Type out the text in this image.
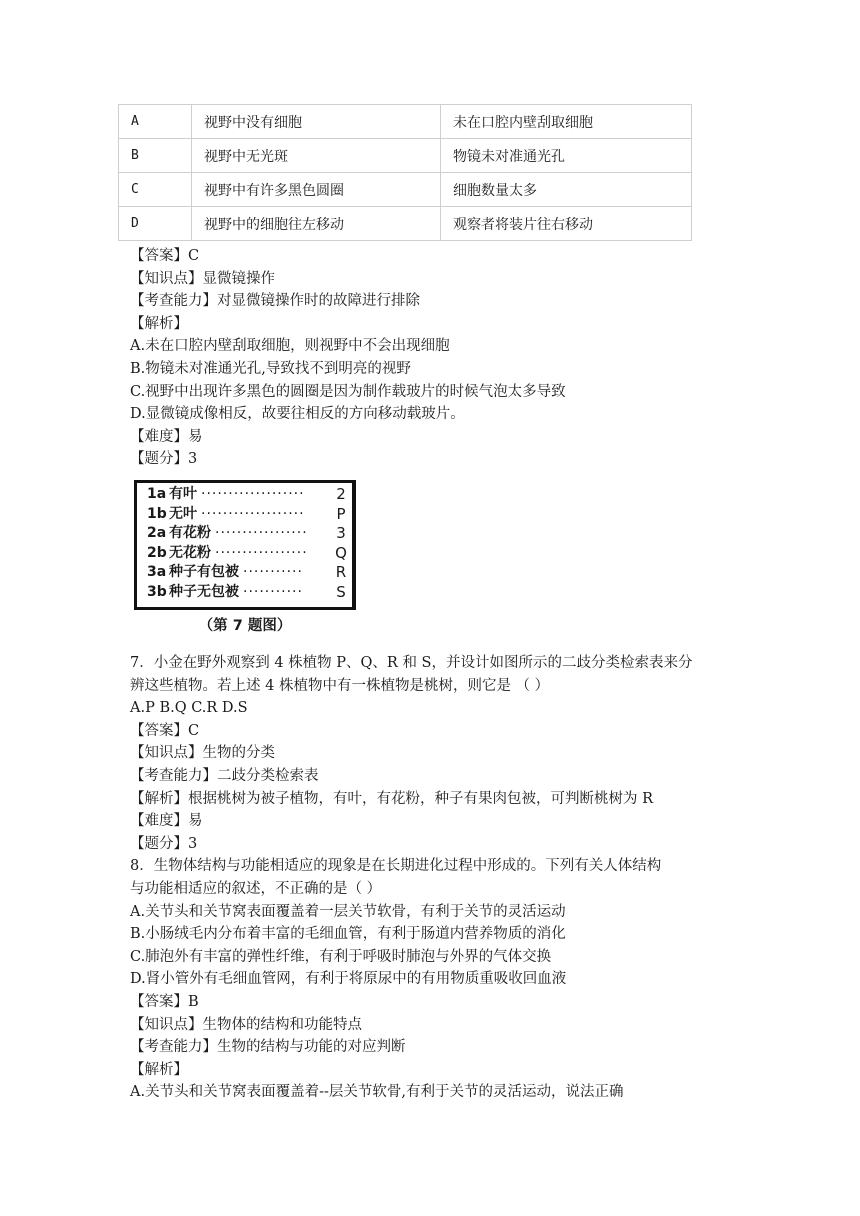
A	视野中没有细胞	未在口腔内壁刮取细胞
B	视野中无光斑	物镜未对准通光孔
C	视野中有许多黑色圆圈	细胞数量太多
D	视野中的细胞往左移动	观察者将装片往右移动
【答案】C
【知识点】显微镜操作
【考查能力】对显微镜操作时的故障进行排除
【解析】
A.未在口腔内壁刮取细胞，则视野中不会出现细胞
B.物镜未对准通光孔,导致找不到明亮的视野
C.视野中出现许多黑色的圆圈是因为制作载玻片的时候气泡太多导致
D.显微镜成像相反，故要往相反的方向移动载玻片。
【难度】易
【题分】3
1a 有叶 ···················	2
1b 无叶 ···················	P
2a 有花粉 ·················	3
2b 无花粉 ·················	Q
3a 种子有包被 ···········	R
3b 种子无包被 ···········	S
（第 7 题图）
7．小金在野外观察到 4 株植物 P、Q、R 和 S，并设计如图所示的二歧分类检索表来分
辨这些植物。若上述 4 株植物中有一株植物是桃树，则它是 （ ）
A.P B.Q C.R D.S
【答案】C
【知识点】生物的分类
【考查能力】二歧分类检索表
【解析】根据桃树为被子植物，有叶，有花粉，种子有果肉包被，可判断桃树为 R
【难度】易
【题分】3
8．生物体结构与功能相适应的现象是在长期进化过程中形成的。下列有关人体结构
与功能相适应的叙述，不正确的是（ ）
A.关节头和关节窝表面覆盖着一层关节软骨，有利于关节的灵活运动
B.小肠绒毛内分布着丰富的毛细血管，有利于肠道内营养物质的消化
C.肺泡外有丰富的弹性纤维，有利于呼吸时肺泡与外界的气体交换
D.肾小管外有毛细血管网，有利于将原尿中的有用物质重吸收回血液
【答案】B
【知识点】生物体的结构和功能特点
【考查能力】生物的结构与功能的对应判断
【解析】
A.关节头和关节窝表面覆盖着--层关节软骨,有利于关节的灵活运动，说法正确
